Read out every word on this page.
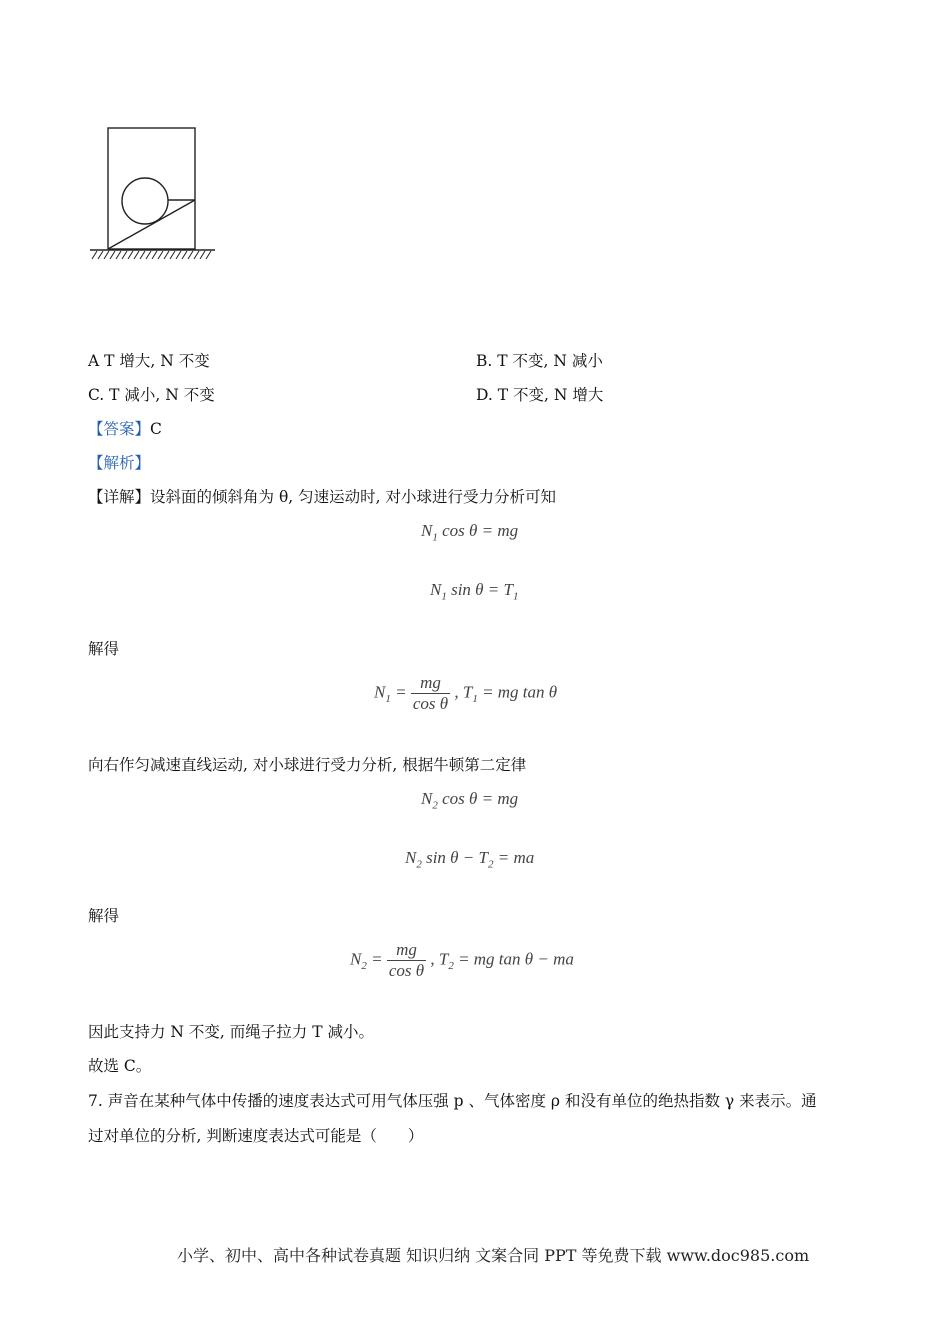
A T 增大, N 不变	B. T 不变, N 减小
C. T 减小, N 不变	D. T 不变, N 增大
【答案】C
【解析】
【详解】设斜面的倾斜角为 θ, 匀速运动时, 对小球进行受力分析可知
$N_1$ cos θ = mg
$N_1$ $\sin \theta = T_1$
解得
$N_1 = \frac{mg}{\text{cos θ}}$ , $T_1$ = mg tan θ
向右作匀减速直线运动, 对小球进行受力分析, 根据牛顿第二定律
$N_2$ cos θ = mg
$N_2$ $\sin \theta - T_2$ = ma
解得
$N_2 = \frac{mg}{\text{cos θ}}$ , $T_2$ = mg tan θ − ma
因此支持力 N 不变, 而绳子拉力 T 减小。
故选 C。
7. 声音在某种气体中传播的速度表达式可用气体压强 p 、气体密度 ρ 和没有单位的绝热指数 γ 来表示。通
过对单位的分析, 判断速度表达式可能是（　　）
小学、初中、高中各种试卷真题 知识归纳 文案合同 PPT 等免费下载 www.doc985.com
